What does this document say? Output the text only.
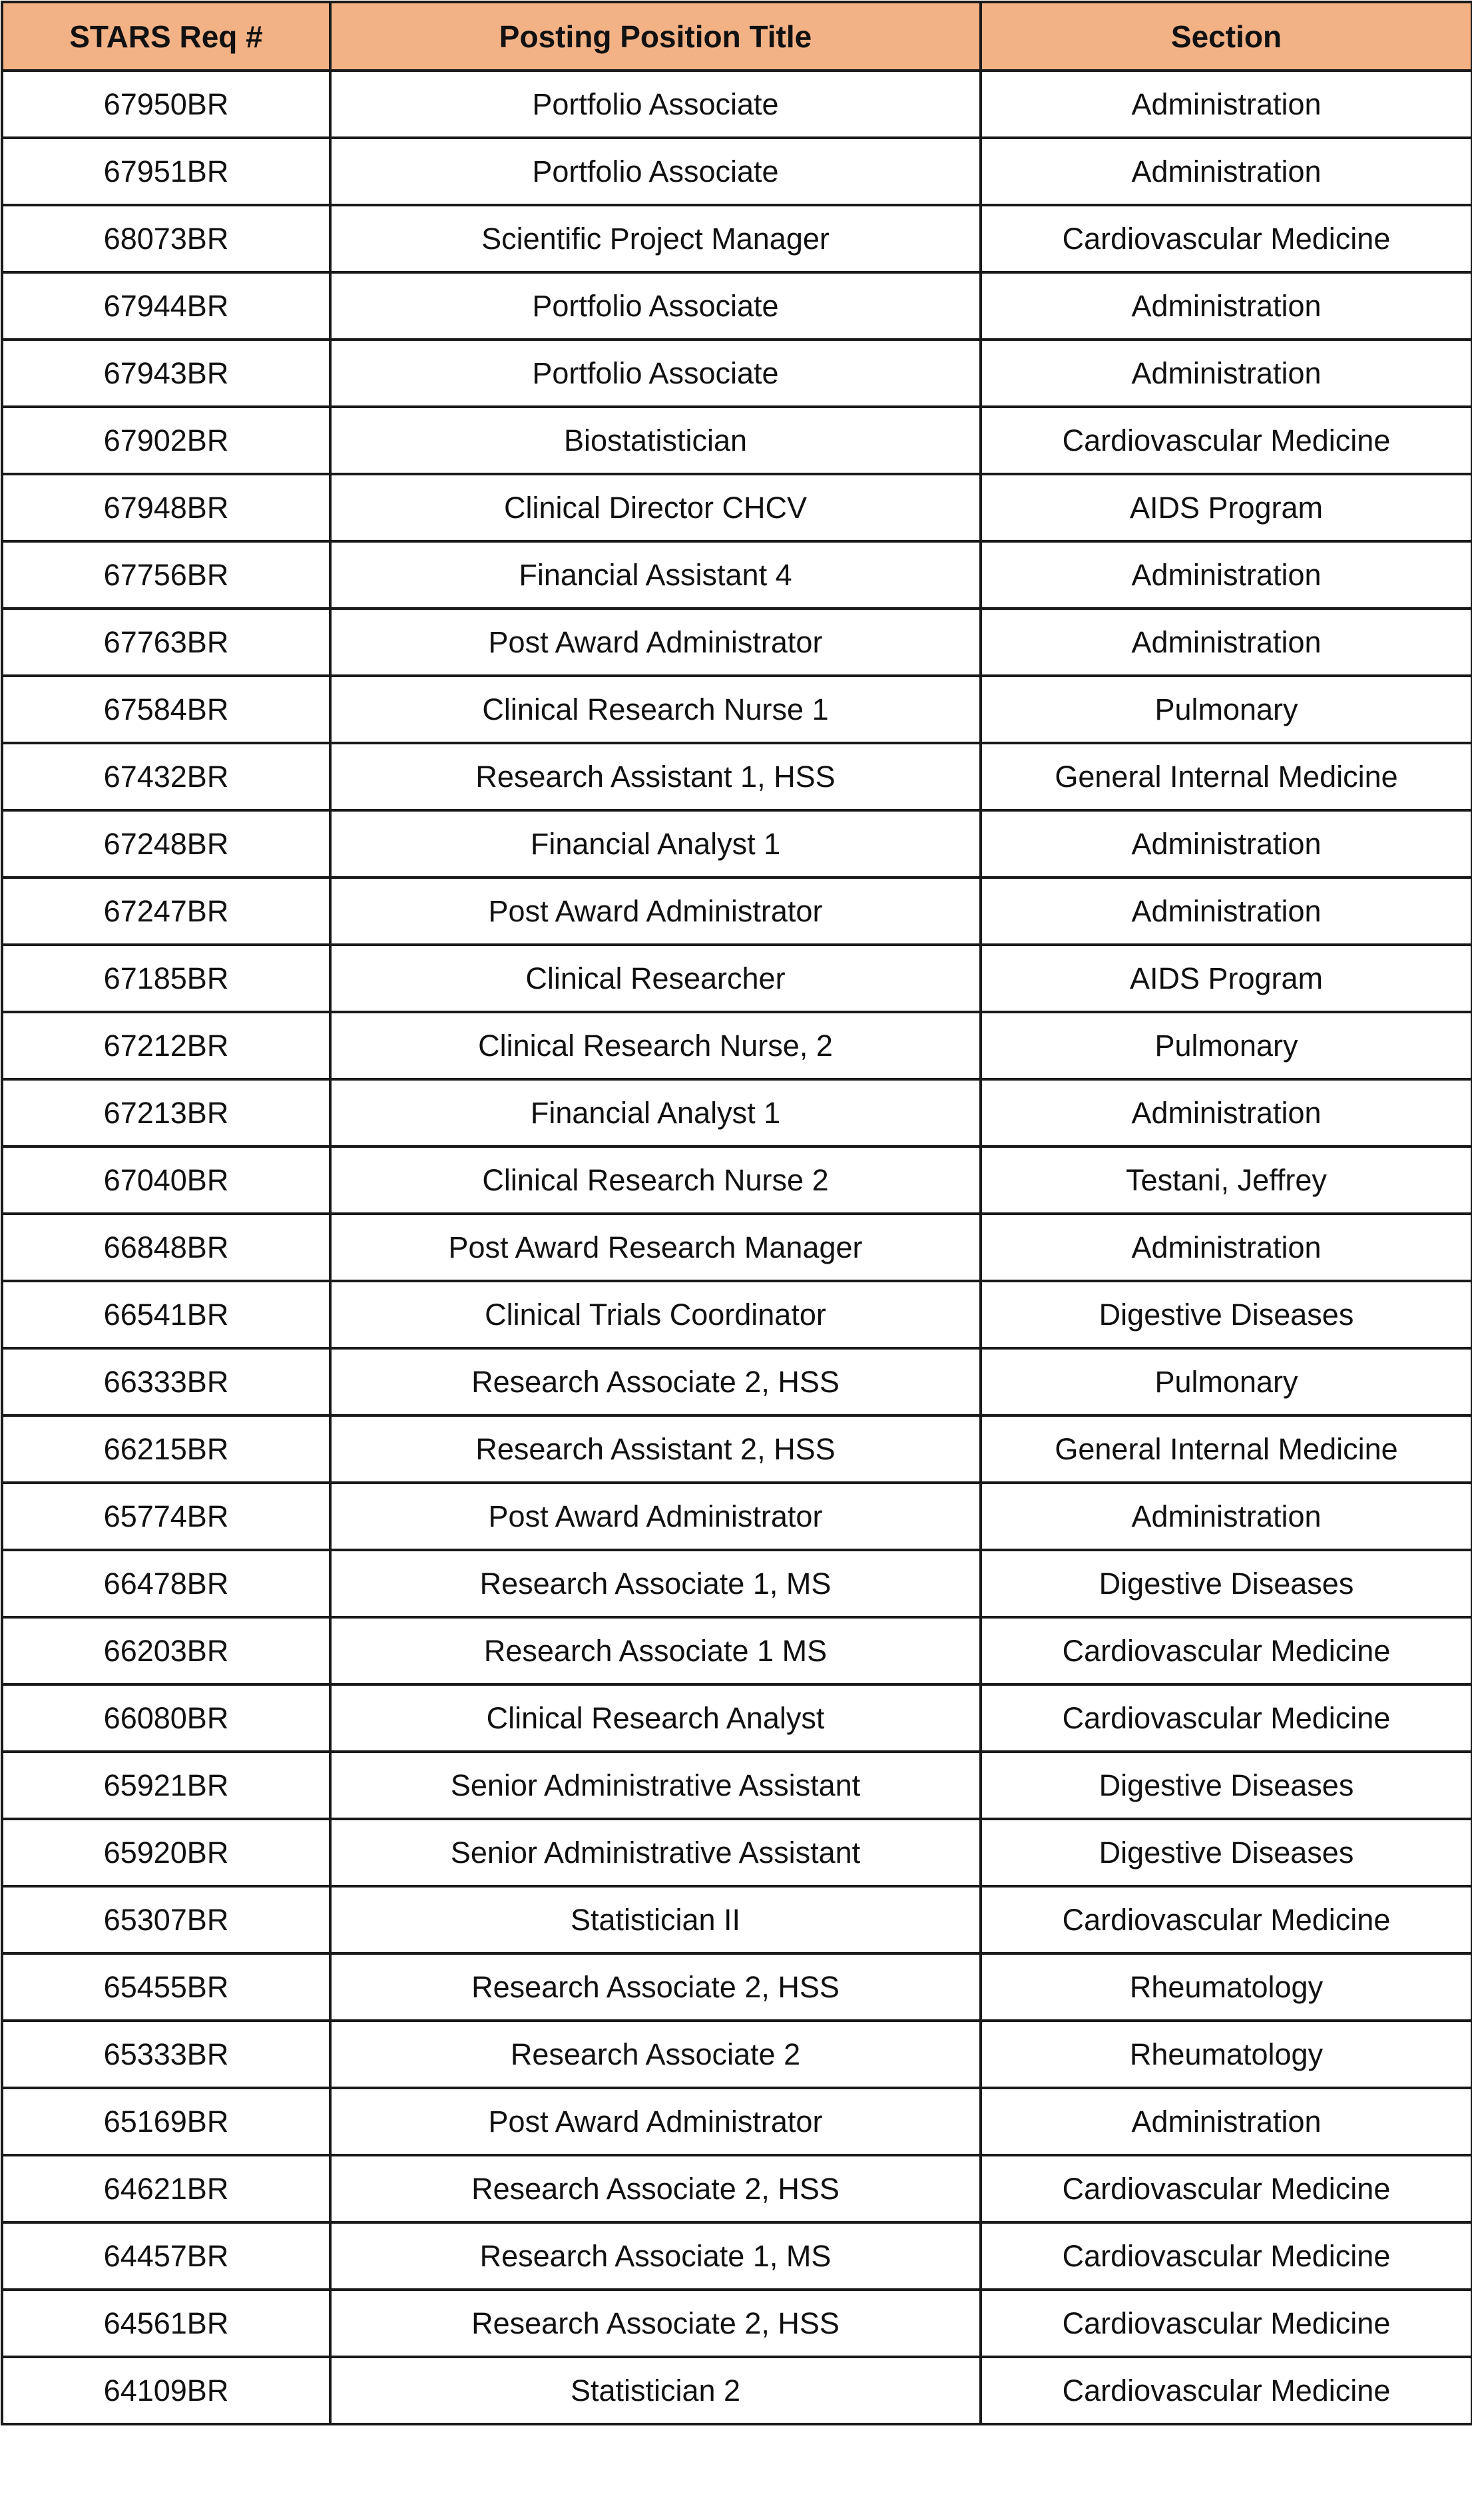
STARS Req #	Posting Position Title	Section
67950BR	Portfolio Associate	Administration
67951BR	Portfolio Associate	Administration
68073BR	Scientific Project Manager	Cardiovascular Medicine
67944BR	Portfolio Associate	Administration
67943BR	Portfolio Associate	Administration
67902BR	Biostatistician	Cardiovascular Medicine
67948BR	Clinical Director CHCV	AIDS Program
67756BR	Financial Assistant 4	Administration
67763BR	Post Award Administrator	Administration
67584BR	Clinical Research Nurse 1	Pulmonary
67432BR	Research Assistant 1, HSS	General Internal Medicine
67248BR	Financial Analyst 1	Administration
67247BR	Post Award Administrator	Administration
67185BR	Clinical Researcher	AIDS Program
67212BR	Clinical Research Nurse, 2	Pulmonary
67213BR	Financial Analyst 1	Administration
67040BR	Clinical Research Nurse 2	Testani, Jeffrey
66848BR	Post Award Research Manager	Administration
66541BR	Clinical Trials Coordinator	Digestive Diseases
66333BR	Research Associate 2, HSS	Pulmonary
66215BR	Research Assistant 2, HSS	General Internal Medicine
65774BR	Post Award Administrator	Administration
66478BR	Research Associate 1, MS	Digestive Diseases
66203BR	Research Associate 1 MS	Cardiovascular Medicine
66080BR	Clinical Research Analyst	Cardiovascular Medicine
65921BR	Senior Administrative Assistant	Digestive Diseases
65920BR	Senior Administrative Assistant	Digestive Diseases
65307BR	Statistician II	Cardiovascular Medicine
65455BR	Research Associate 2, HSS	Rheumatology
65333BR	Research Associate 2	Rheumatology
65169BR	Post Award Administrator	Administration
64621BR	Research Associate 2, HSS	Cardiovascular Medicine
64457BR	Research Associate 1, MS	Cardiovascular Medicine
64561BR	Research Associate 2, HSS	Cardiovascular Medicine
64109BR	Statistician 2	Cardiovascular Medicine
